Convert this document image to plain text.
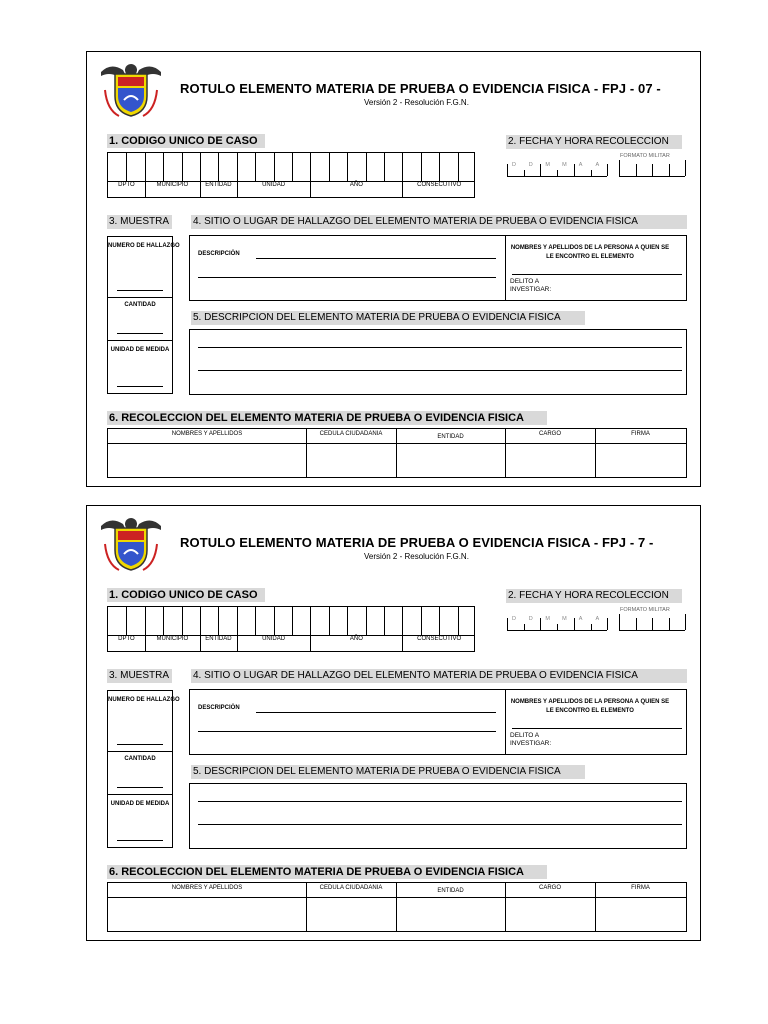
ROTULO ELEMENTO MATERIA DE PRUEBA O EVIDENCIA FISICA - FPJ - 07 -
Versión 2 - Resolución F.G.N.
1. CODIGO UNICO DE CASO
DPTO	MUNICIPIO	ENTIDAD	UNIDAD	AÑO	CONSECUTIVO
2. FECHA Y HORA RECOLECCION
FORMATO MILITAR
D D M M A A
3. MUESTRA
NUMERO DE HALLAZGO
CANTIDAD
UNIDAD DE MEDIDA
4. SITIO O LUGAR DE HALLAZGO DEL ELEMENTO MATERIA DE PRUEBA O EVIDENCIA FISICA
DESCRIPCIÒN
NOMBRES Y APELLIDOS DE LA PERSONA A QUIEN SE LE ENCONTRO EL ELEMENTO
DELITO A INVESTIGAR:
5. DESCRIPCION DEL ELEMENTO MATERIA DE PRUEBA O EVIDENCIA FISICA
6. RECOLECCION DEL ELEMENTO MATERIA DE PRUEBA O EVIDENCIA FISICA
NOMBRES Y APELLIDOS	CEDULA CIUDADANIA	ENTIDAD	CARGO	FIRMA
ROTULO ELEMENTO MATERIA DE PRUEBA O EVIDENCIA FISICA - FPJ - 7 -
Versión 2 - Resolución F.G.N.
1. CODIGO UNICO DE CASO
DPTO	MUNICIPIO	ENTIDAD	UNIDAD	AÑO	CONSECUTIVO
2. FECHA Y HORA RECOLECCION
FORMATO MILITAR
D D M M A A
3. MUESTRA
NUMERO DE HALLAZGO
CANTIDAD
UNIDAD DE MEDIDA
4. SITIO O LUGAR DE HALLAZGO DEL ELEMENTO MATERIA DE PRUEBA O EVIDENCIA FISICA
DESCRIPCIÒN
NOMBRES Y APELLIDOS DE LA PERSONA A QUIEN SE LE ENCONTRO EL ELEMENTO
DELITO A INVESTIGAR:
5. DESCRIPCION DEL ELEMENTO MATERIA DE PRUEBA O EVIDENCIA FISICA
6. RECOLECCION DEL ELEMENTO MATERIA DE PRUEBA O EVIDENCIA FISICA
NOMBRES Y APELLIDOS	CEDULA CIUDADANIA	ENTIDAD	CARGO	FIRMA
